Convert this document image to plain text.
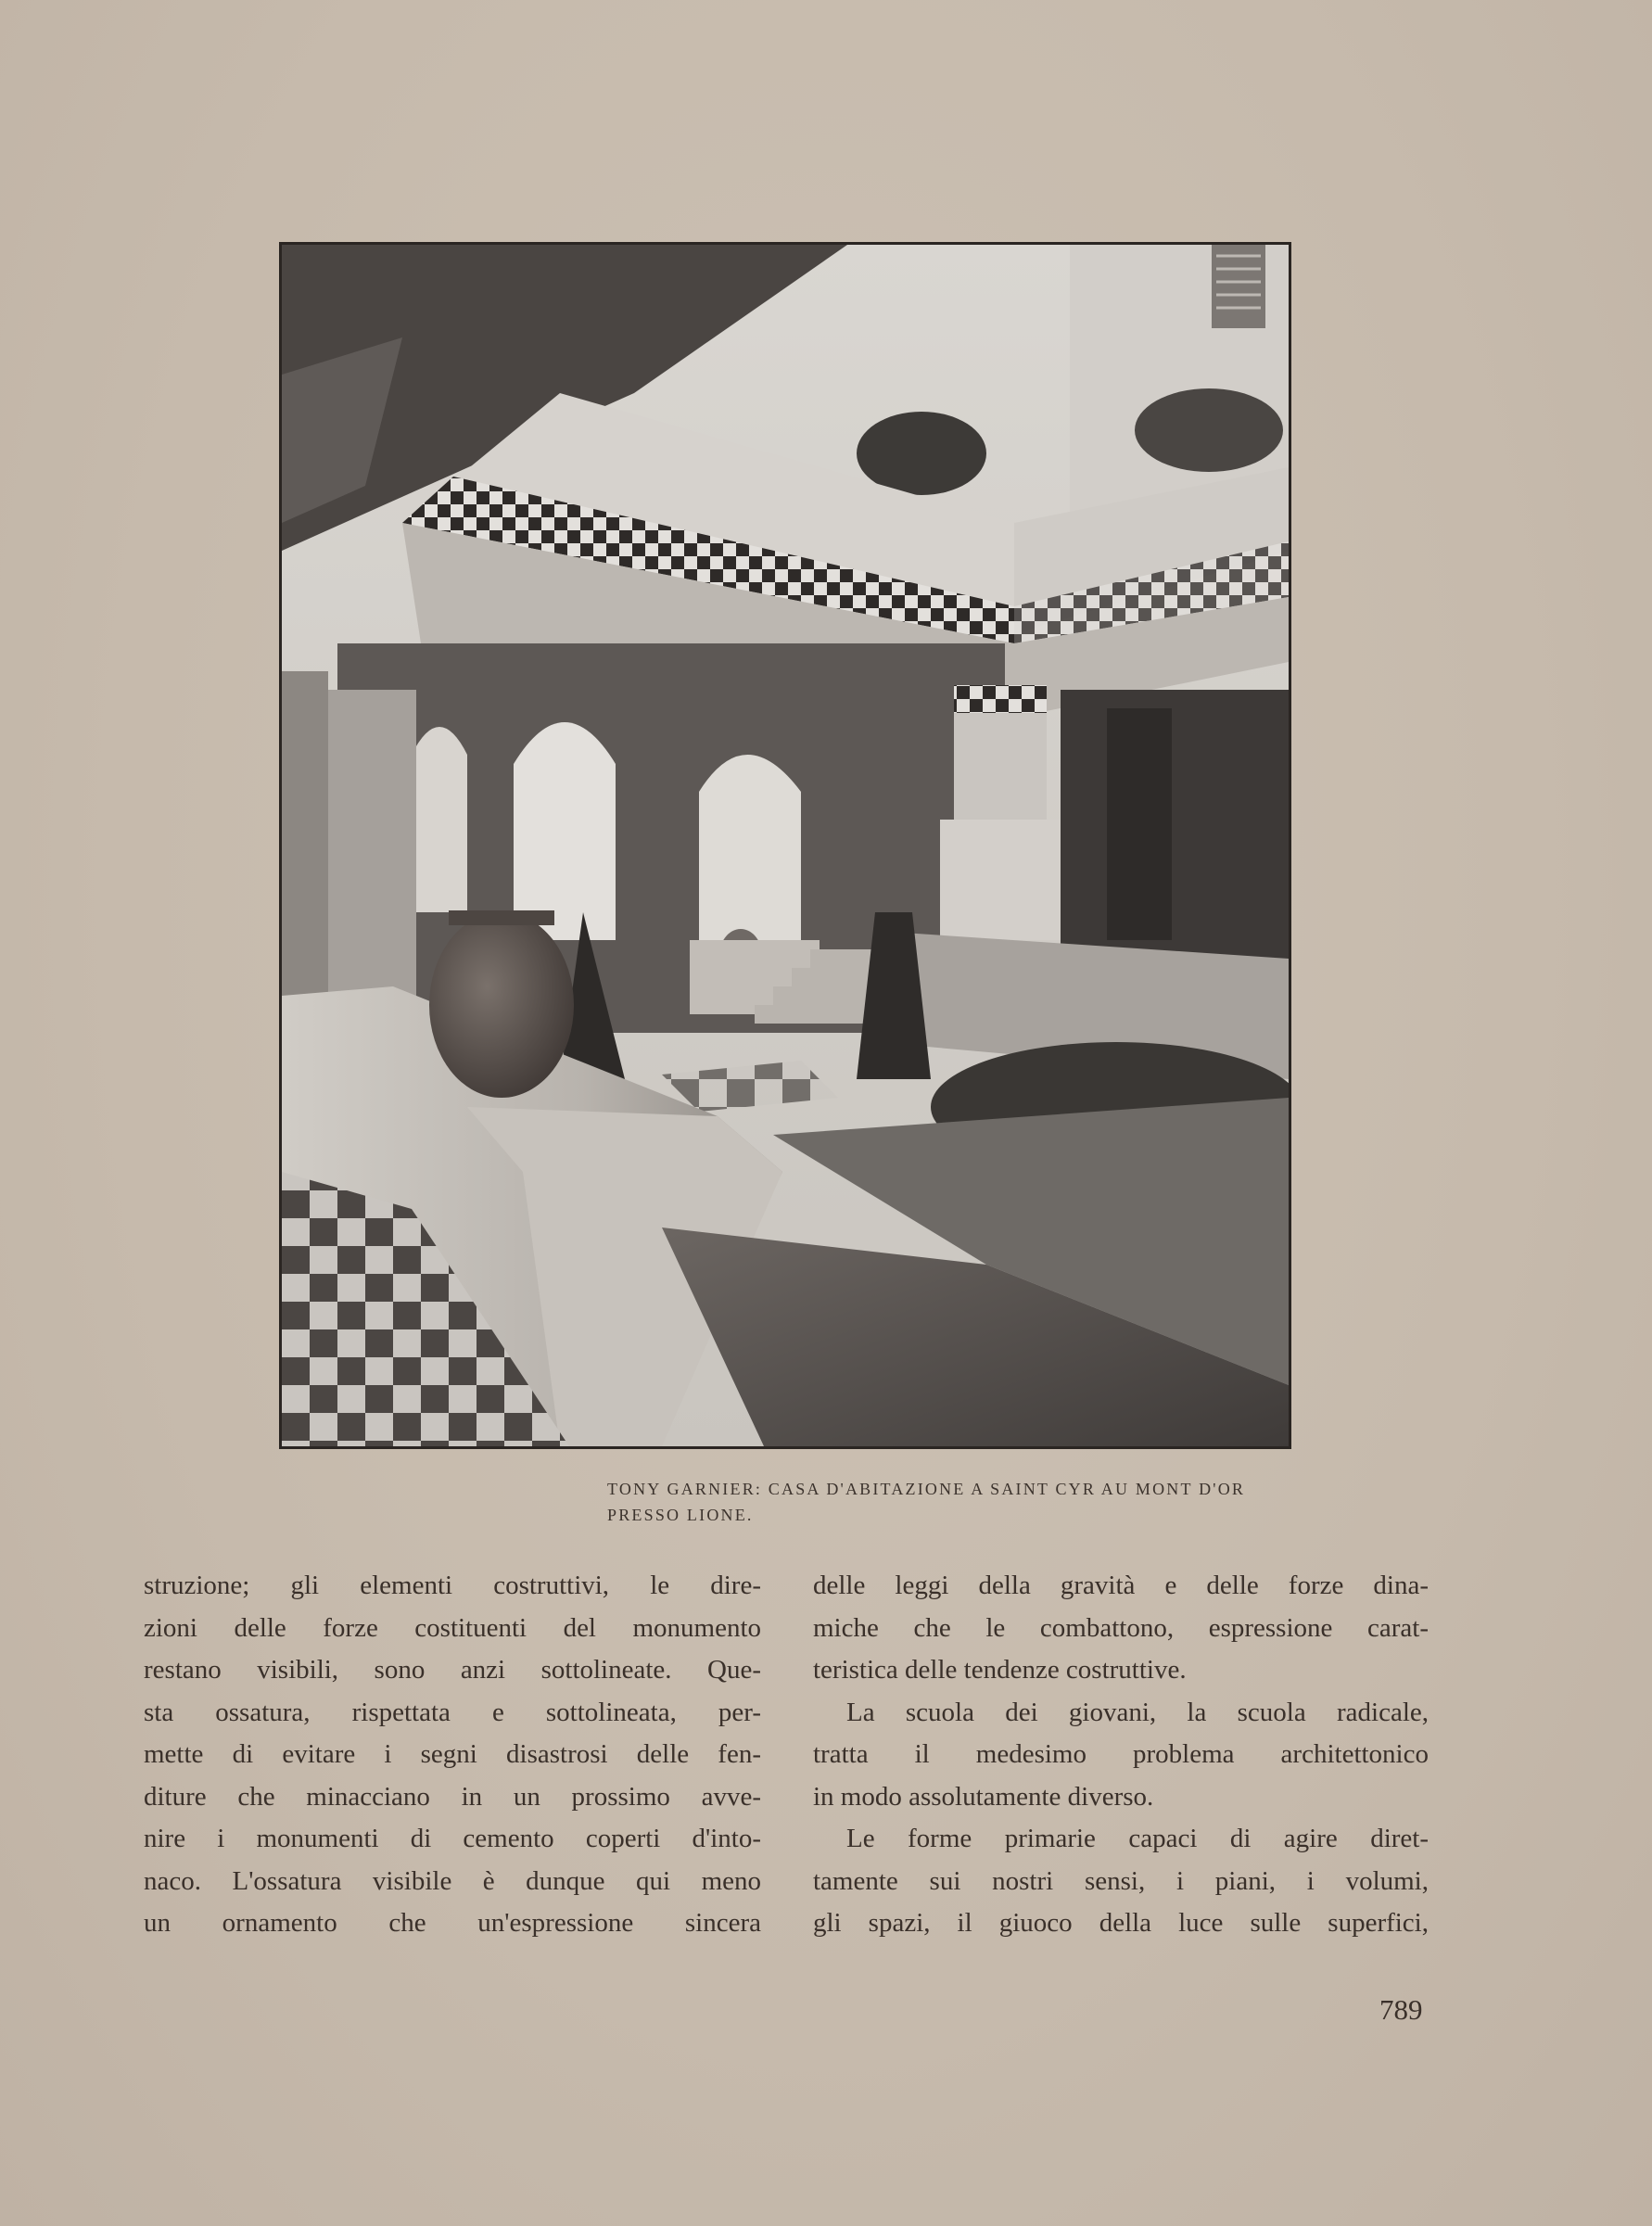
TONY GARNIER: CASA D'ABITAZIONE A SAINT CYR AU MONT D'OR
PRESSO LIONE.
struzione; gli elementi costruttivi, le dire-
zioni delle forze costituenti del monumento
restano visibili, sono anzi sottolineate. Que-
sta ossatura, rispettata e sottolineata, per-
mette di evitare i segni disastrosi delle fen-
diture che minacciano in un prossimo avve-
nire i monumenti di cemento coperti d'into-
naco. L'ossatura visibile è dunque qui meno
un ornamento che un'espressione sincera
delle leggi della gravità e delle forze dina-
miche che le combattono, espressione carat-
teristica delle tendenze costruttive.
La scuola dei giovani, la scuola radicale,
tratta il medesimo problema architettonico
in modo assolutamente diverso.
Le forme primarie capaci di agire diret-
tamente sui nostri sensi, i piani, i volumi,
gli spazi, il giuoco della luce sulle superfici,
789
